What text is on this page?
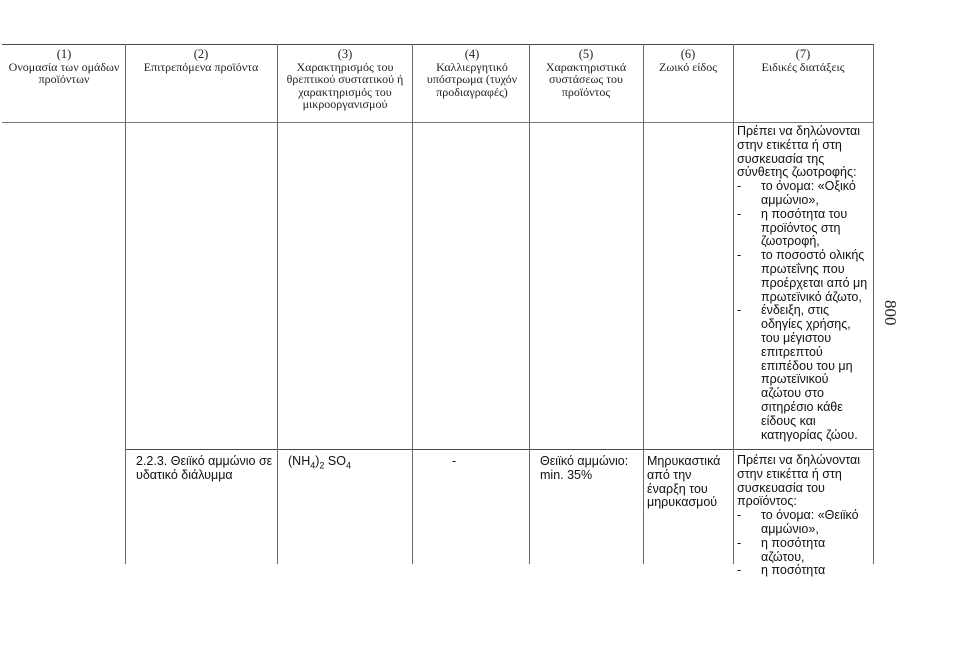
(1)
Ονομασία των ομάδων προϊόντων
(2)
Επιτρεπόμενα προϊόντα
(3)
Χαρακτηρισμός του θρεπτικού συστατικού ή χαρακτηρισμός του μικροοργανισμού
(4)
Καλλιεργητικό υπόστρωμα (τυχόν προδιαγραφές)
(5)
Χαρακτηριστικά συστάσεως του προϊόντος
(6)
Ζωικό είδος
(7)
Ειδικές διατάξεις
Πρέπει να δηλώνονται
στην ετικέττα ή στη
συσκευασία της
σύνθετης ζωοτροφής:
- το όνομα: «Οξικό
αμμώνιο»,
- η ποσότητα του
προϊόντος στη
ζωοτροφή,
- το ποσοστό ολικής
πρωτεΐνης που
προέρχεται από μη
πρωτεϊνικό άζωτο,
- ένδειξη, στις
οδηγίες χρήσης,
του μέγιστου
επιτρεπτού
επιπέδου του μη
πρωτεϊνικού
αζώτου στο
σιτηρέσιο κάθε
είδους και
κατηγορίας ζώου.
2.2.3. Θειϊκό αμμώνιο σε υδατικό διάλυμμα
$(NH_4)_2$ $SO_4$	-	Θειϊκό αμμώνιο: min. 35%
Μηρυκαστικά από την έναρξη του μηρυκασμού
Πρέπει να δηλώνονται
στην ετικέττα ή στη
συσκευασία του
προϊόντος:
- το όνομα: «Θειϊκό
αμμώνιο»,
- η ποσότητα
αζώτου,
- η ποσότητα
800
